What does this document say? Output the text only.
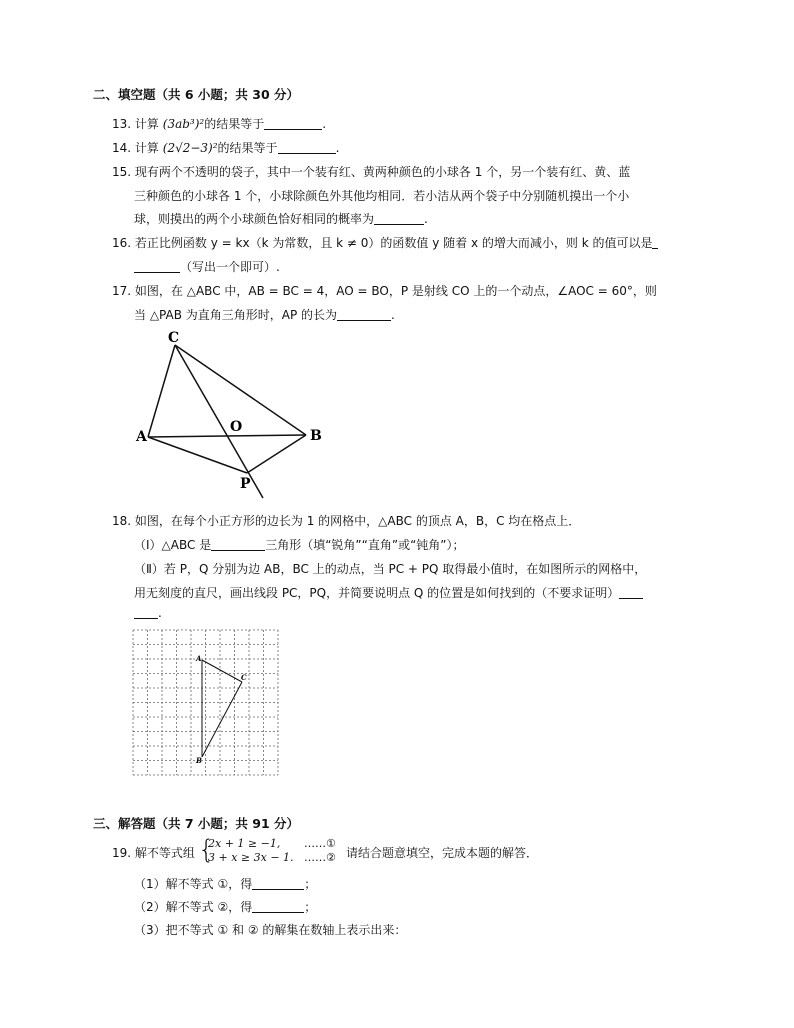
二、填空题（共 6 小题；共 30 分）
13. 计算 (3ab³)²的结果等于	.
14. 计算 (2√2−3)²的结果等于	.
15. 现有两个不透明的袋子，其中一个装有红、黄两种颜色的小球各 1 个，另一个装有红、黄、蓝
三种颜色的小球各 1 个，小球除颜色外其他均相同．若小洁从两个袋子中分别随机摸出一个小
球，则摸出的两个小球颜色恰好相同的概率为	.
16. 若正比例函数 y = kx（k 为常数，且 k ≠ 0）的函数值 y 随着 x 的增大而减小，则 k 的值可以是
（写出一个即可）.
17. 如图，在 △ABC 中，AB = BC = 4，AO = BO，P 是射线 CO 上的一个动点，∠AOC = 60°，则
当 △PAB 为直角三角形时，AP 的长为	.
C
A
O
B
P
18. 如图，在每个小正方形的边长为 1 的网格中，△ABC 的顶点 A，B，C 均在格点上．
（Ⅰ）△ABC 是	三角形（填“锐角”“直角”或“钝角”）；
（Ⅱ）若 P，Q 分别为边 AB，BC 上的动点，当 PC + PQ 取得最小值时，在如图所示的网格中，
用无刻度的直尺，画出线段 PC，PQ，并简要说明点 Q 的位置是如何找到的（不要求证明）
.
A
B
C
三、解答题（共 7 小题；共 91 分）
19. 解不等式组 {
2x + 1 ≥ −1,
3 + x ≥ 3x − 1.
……①
……② 请结合题意填空，完成本题的解答．
（1）解不等式 ①，得	；
（2）解不等式 ②，得	；
（3）把不等式 ① 和 ② 的解集在数轴上表示出来：
